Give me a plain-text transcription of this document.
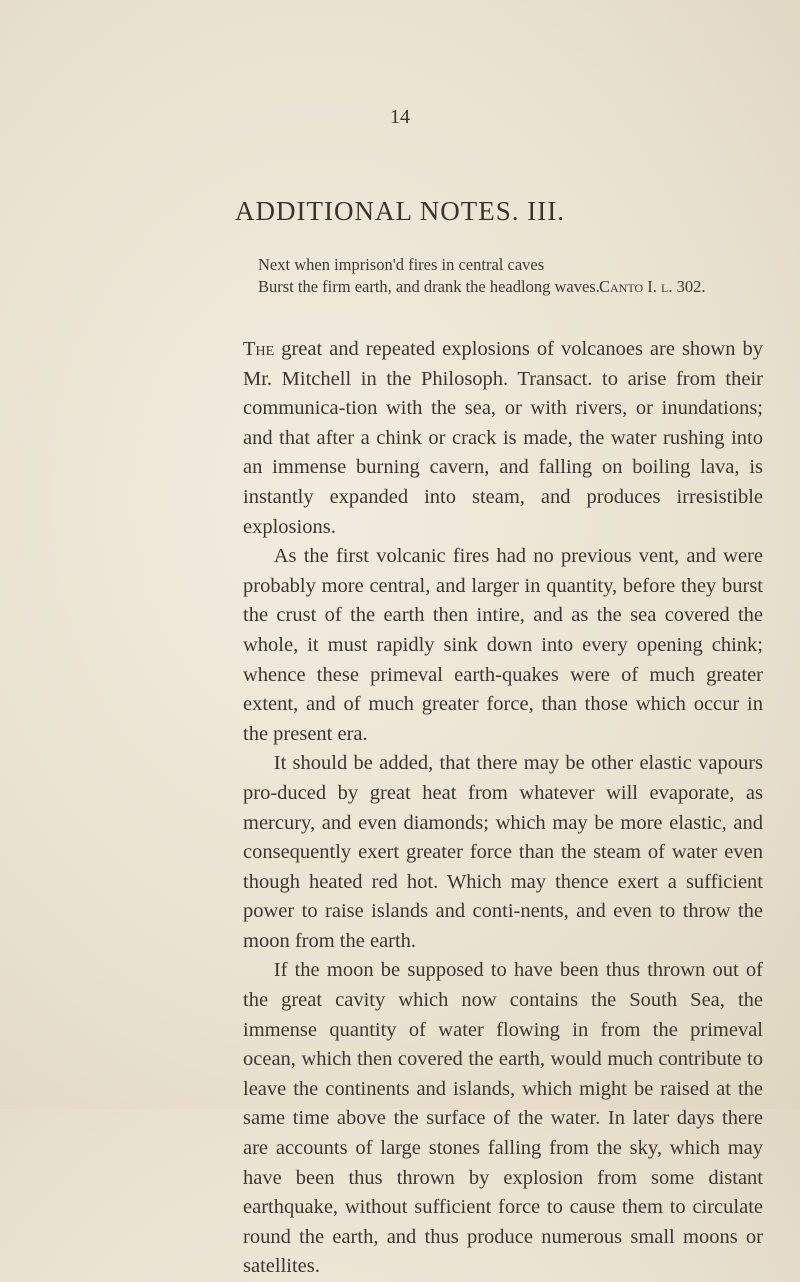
14
ADDITIONAL NOTES. III.
Next when imprison'd fires in central caves
Burst the firm earth, and drank the headlong waves. Canto I. l. 302.

The great and repeated explosions of volcanoes are shown by Mr. Mitchell in the Philosoph. Transact. to arise from their communica-tion with the sea, or with rivers, or inundations; and that after a chink or crack is made, the water rushing into an immense burning cavern, and falling on boiling lava, is instantly expanded into steam, and produces irresistible explosions.

As the first volcanic fires had no previous vent, and were probably more central, and larger in quantity, before they burst the crust of the earth then intire, and as the sea covered the whole, it must rapidly sink down into every opening chink; whence these primeval earth-quakes were of much greater extent, and of much greater force, than those which occur in the present era.

It should be added, that there may be other elastic vapours pro-duced by great heat from whatever will evaporate, as mercury, and even diamonds; which may be more elastic, and consequently exert greater force than the steam of water even though heated red hot. Which may thence exert a sufficient power to raise islands and conti-nents, and even to throw the moon from the earth.

If the moon be supposed to have been thus thrown out of the great cavity which now contains the South Sea, the immense quantity of water flowing in from the primeval ocean, which then covered the earth, would much contribute to leave the continents and islands, which might be raised at the same time above the surface of the water. In later days there are accounts of large stones falling from the sky, which may have been thus thrown by explosion from some distant earthquake, without sufficient force to cause them to circulate round the earth, and thus produce numerous small moons or satellites.
